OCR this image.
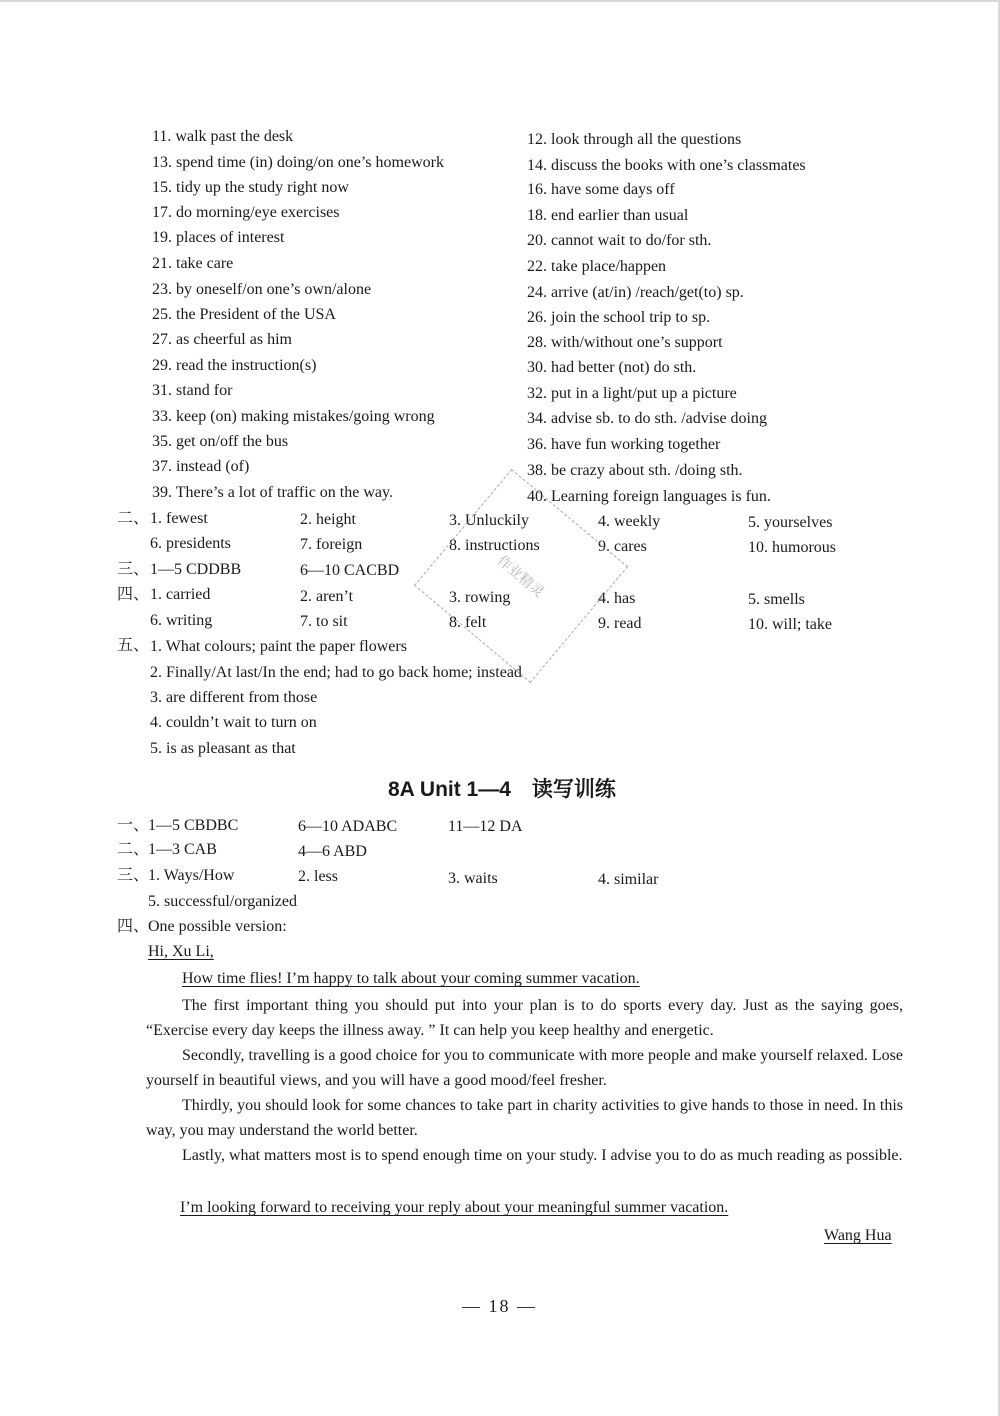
11. walk past the desk
13. spend time (in) doing/on one’s homework
15. tidy up the study right now
17. do morning/eye exercises
19. places of interest
21. take care
23. by oneself/on one’s own/alone
25. the President of the USA
27. as cheerful as him
29. read the instruction(s)
31. stand for
33. keep (on) making mistakes/going wrong
35. get on/off the bus
37. instead (of)
39. There’s a lot of traffic on the way.
12. look through all the questions
14. discuss the books with one’s classmates
16. have some days off
18. end earlier than usual
20. cannot wait to do/for sth.
22. take place/happen
24. arrive (at/in) /reach/get(to) sp.
26. join the school trip to sp.
28. with/without one’s support
30. had better (not) do sth.
32. put in a light/put up a picture
34. advise sb. to do sth. /advise doing
36. have fun working together
38. be crazy about sth. /doing sth.
40. Learning foreign languages is fun.
二、 1. fewest	2. height	3. Unluckily	4. weekly	5. yourselves
6. presidents	7. foreign	8. instructions	9. cares	10. humorous
三、 1—5 CDDBB	6—10 CACBD
四、 1. carried	2. aren’t	3. rowing	4. has	5. smells
6. writing	7. to sit	8. felt	9. read	10. will; take
五、 1. What colours; paint the paper flowers
2. Finally/At last/In the end; had to go back home; instead
3. are different from those
4. couldn’t wait to turn on
5. is as pleasant as that
作业精灵
8A Unit 1—4　读写训练
一、
1—5 CBDBC	6—10 ADABC	11—12 DA
二、
1—3 CAB	4—6 ABD
三、
1. Ways/How	2. less	3. waits	4. similar
5. successful/organized
四、
One possible version:
Hi, Xu Li,
How time flies! I’m happy to talk about your coming summer vacation.

The first important thing you should put into your plan is to do sports every day. Just as the saying goes, “Exercise every day keeps the illness away. ” It can help you keep healthy and energetic.

Secondly, travelling is a good choice for you to communicate with more people and make yourself relaxed. Lose yourself in beautiful views, and you will have a good mood/feel fresher.

Thirdly, you should look for some chances to take part in charity activities to give hands to those in need. In this way, you may understand the world better.

Lastly, what matters most is to spend enough time on your study. I advise you to do as much reading as possible.

I’m looking forward to receiving your reply about your meaningful summer vacation.
Wang Hua
— 18 —
